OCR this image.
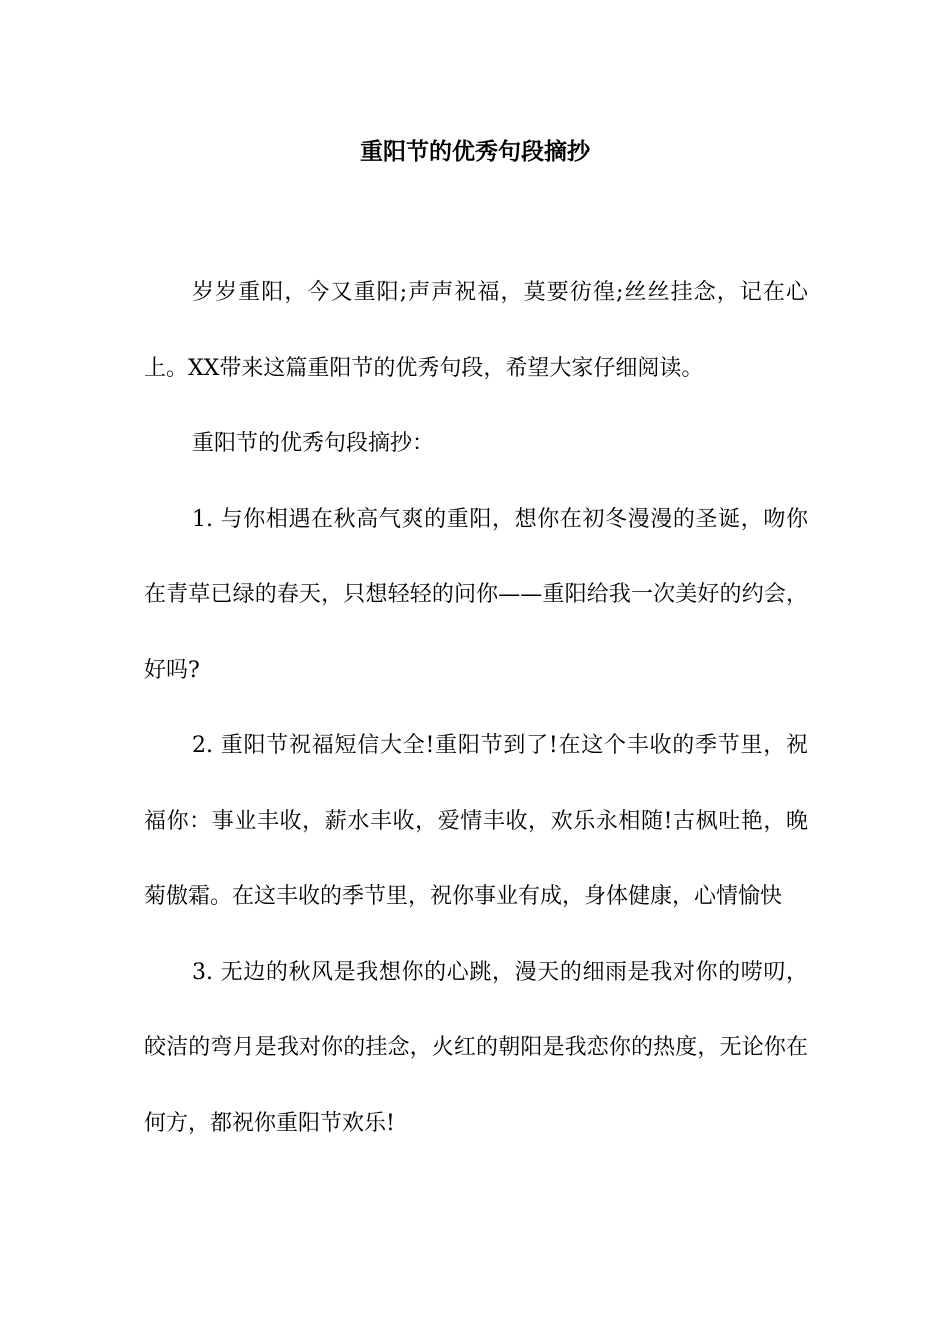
重阳节的优秀句段摘抄

岁岁重阳，今又重阳;声声祝福，莫要彷徨;丝丝挂念，记在心上。XX带来这篇重阳节的优秀句段，希望大家仔细阅读。

重阳节的优秀句段摘抄：

1. 与你相遇在秋高气爽的重阳，想你在初冬漫漫的圣诞，吻你在青草已绿的春天，只想轻轻的问你——重阳给我一次美好的约会，好吗?

2. 重阳节祝福短信大全!重阳节到了!在这个丰收的季节里，祝福你：事业丰收，薪水丰收，爱情丰收，欢乐永相随!古枫吐艳，晚菊傲霜。在这丰收的季节里，祝你事业有成，身体健康，心情愉快

3. 无边的秋风是我想你的心跳，漫天的细雨是我对你的唠叨，皎洁的弯月是我对你的挂念，火红的朝阳是我恋你的热度，无论你在何方，都祝你重阳节欢乐!
